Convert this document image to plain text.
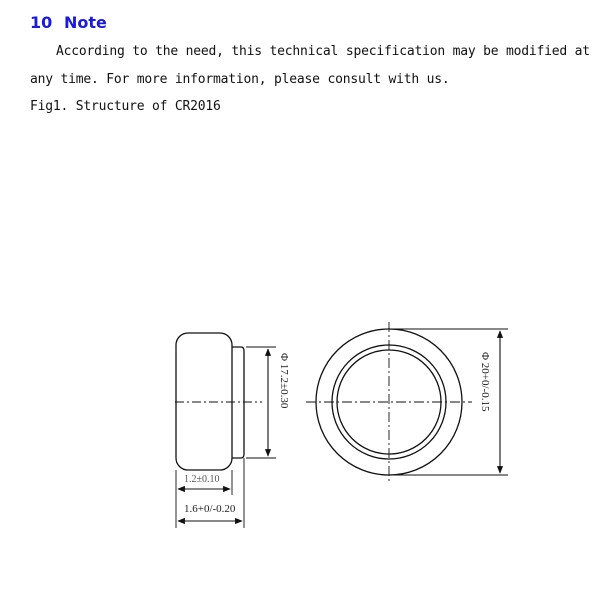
10 Note
According to the need, this technical specification may be modified at
any time. For more information, please consult with us.
Fig1. Structure of CR2016
Φ 17.2±0.30
1.2±0.10
1.6+0/-0.20
Φ 20+0/-0.15
